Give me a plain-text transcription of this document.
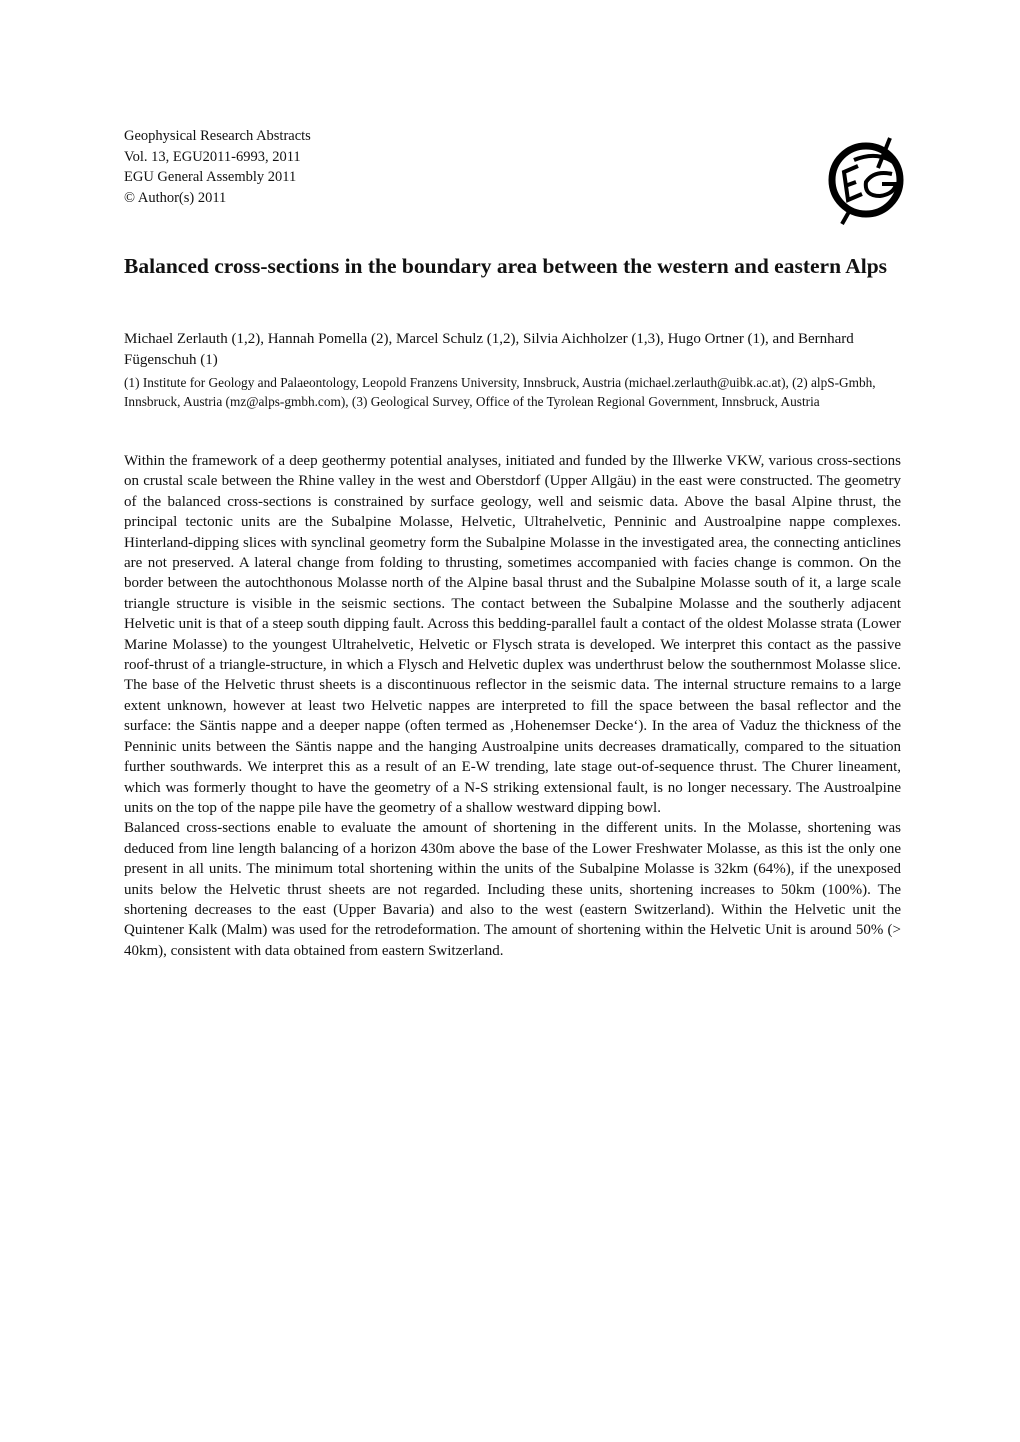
Geophysical Research Abstracts
Vol. 13, EGU2011-6993, 2011
EGU General Assembly 2011
© Author(s) 2011
Balanced cross-sections in the boundary area between the western and eastern Alps
Michael Zerlauth (1,2), Hannah Pomella (2), Marcel Schulz (1,2), Silvia Aichholzer (1,3), Hugo Ortner (1), and Bernhard Fügenschuh (1)
(1) Institute for Geology and Palaeontology, Leopold Franzens University, Innsbruck, Austria (michael.zerlauth@uibk.ac.at), (2) alpS-Gmbh, Innsbruck, Austria (mz@alps-gmbh.com), (3) Geological Survey, Office of the Tyrolean Regional Government, Innsbruck, Austria

Within the framework of a deep geothermy potential analyses, initiated and funded by the Illwerke VKW, various cross-sections on crustal scale between the Rhine valley in the west and Oberstdorf (Upper Allgäu) in the east were constructed. The geometry of the balanced cross-sections is constrained by surface geology, well and seismic data. Above the basal Alpine thrust, the principal tectonic units are the Subalpine Molasse, Helvetic, Ultrahelvetic, Penninic and Austroalpine nappe complexes. Hinterland-dipping slices with synclinal geometry form the Subalpine Molasse in the investigated area, the connecting anticlines are not preserved. A lateral change from folding to thrusting, sometimes accompanied with facies change is common. On the border between the autochthonous Molasse north of the Alpine basal thrust and the Subalpine Molasse south of it, a large scale triangle structure is visible in the seismic sections. The contact between the Subalpine Molasse and the southerly adjacent Helvetic unit is that of a steep south dipping fault. Across this bedding-parallel fault a contact of the oldest Molasse strata (Lower Marine Molasse) to the youngest Ultrahelvetic, Helvetic or Flysch strata is developed. We interpret this contact as the passive roof-thrust of a triangle-structure, in which a Flysch and Helvetic duplex was underthrust below the southernmost Molasse slice. The base of the Helvetic thrust sheets is a discontinuous reflector in the seismic data. The internal structure remains to a large extent unknown, however at least two Helvetic nappes are interpreted to fill the space between the basal reflector and the surface: the Säntis nappe and a deeper nappe (often termed as ‚Hohenemser Decke‘). In the area of Vaduz the thickness of the Penninic units between the Säntis nappe and the hanging Austroalpine units decreases dramatically, compared to the situation further southwards. We interpret this as a result of an E-W trending, late stage out-of-sequence thrust. The Churer lineament, which was formerly thought to have the geometry of a N-S striking extensional fault, is no longer necessary. The Austroalpine units on the top of the nappe pile have the geometry of a shallow westward dipping bowl.

Balanced cross-sections enable to evaluate the amount of shortening in the different units. In the Molasse, shortening was deduced from line length balancing of a horizon 430m above the base of the Lower Freshwater Molasse, as this ist the only one present in all units. The minimum total shortening within the units of the Subalpine Molasse is 32km (64%), if the unexposed units below the Helvetic thrust sheets are not regarded. Including these units, shortening increases to 50km (100%). The shortening decreases to the east (Upper Bavaria) and also to the west (eastern Switzerland). Within the Helvetic unit the Quintener Kalk (Malm) was used for the retrodeformation. The amount of shortening within the Helvetic Unit is around 50% (> 40km), consistent with data obtained from eastern Switzerland.
